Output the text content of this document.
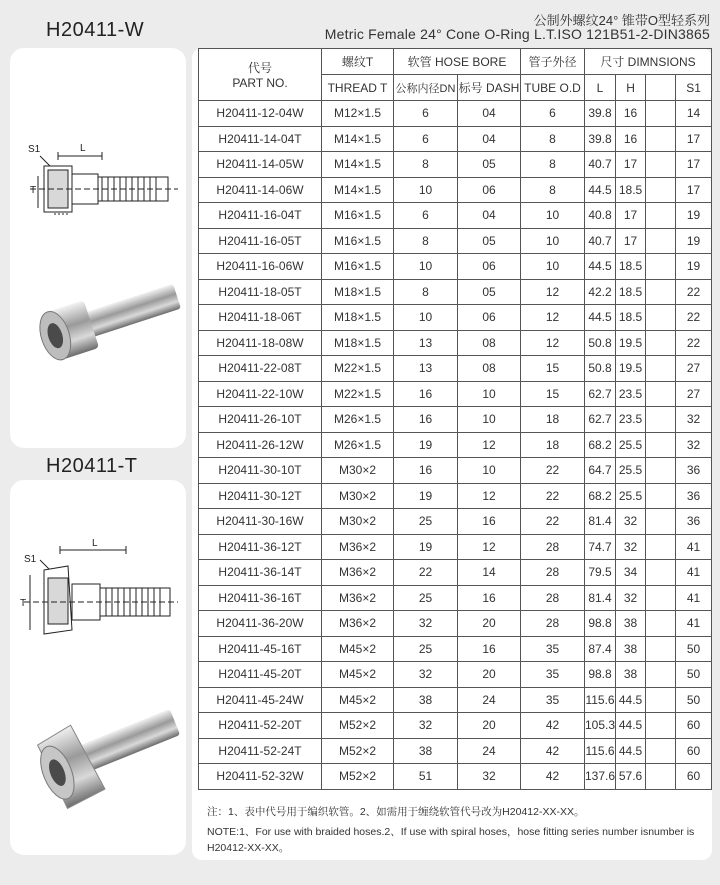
H20411-W
H20411-T
公制外螺纹24° 锥带O型轻系列
Metric Female 24° Cone O-Ring L.T.ISO 121B51-2-DIN3865
S1	L
T
S1
L
T
代号
PART NO.	螺纹T	软管 HOSE BORE		管子外径	尺寸 DIMNSIONS			
	THREAD T	公称内径DN	标号 DASH	TUBE O.D	L	H		S1
H20411-12-04W	M12×1.5	6	04	6	39.8	16		14
H20411-14-04T	M14×1.5	6	04	8	39.8	16		17
H20411-14-05W	M14×1.5	8	05	8	40.7	17		17
H20411-14-06W	M14×1.5	10	06	8	44.5	18.5		17
H20411-16-04T	M16×1.5	6	04	10	40.8	17		19
H20411-16-05T	M16×1.5	8	05	10	40.7	17		19
H20411-16-06W	M16×1.5	10	06	10	44.5	18.5		19
H20411-18-05T	M18×1.5	8	05	12	42.2	18.5		22
H20411-18-06T	M18×1.5	10	06	12	44.5	18.5		22
H20411-18-08W	M18×1.5	13	08	12	50.8	19.5		22
H20411-22-08T	M22×1.5	13	08	15	50.8	19.5		27
H20411-22-10W	M22×1.5	16	10	15	62.7	23.5		27
H20411-26-10T	M26×1.5	16	10	18	62.7	23.5		32
H20411-26-12W	M26×1.5	19	12	18	68.2	25.5		32
H20411-30-10T	M30×2	16	10	22	64.7	25.5		36
H20411-30-12T	M30×2	19	12	22	68.2	25.5		36
H20411-30-16W	M30×2	25	16	22	81.4	32		36
H20411-36-12T	M36×2	19	12	28	74.7	32		41
H20411-36-14T	M36×2	22	14	28	79.5	34		41
H20411-36-16T	M36×2	25	16	28	81.4	32		41
H20411-36-20W	M36×2	32	20	28	98.8	38		41
H20411-45-16T	M45×2	25	16	35	87.4	38		50
H20411-45-20T	M45×2	32	20	35	98.8	38		50
H20411-45-24W	M45×2	38	24	35	115.6	44.5		50
H20411-52-20T	M52×2	32	20	42	105.3	44.5		60
H20411-52-24T	M52×2	38	24	42	115.6	44.5		60
H20411-52-32W	M52×2	51	32	42	137.6	57.6		60
注：1、表中代号用于编织软管。2、如需用于缠绕软管代号改为H20412-XX-XX。
NOTE:1、For use with braided hoses.2、If use with spiral hoses，hose fitting series number isnumber is
H20412-XX-XX。
